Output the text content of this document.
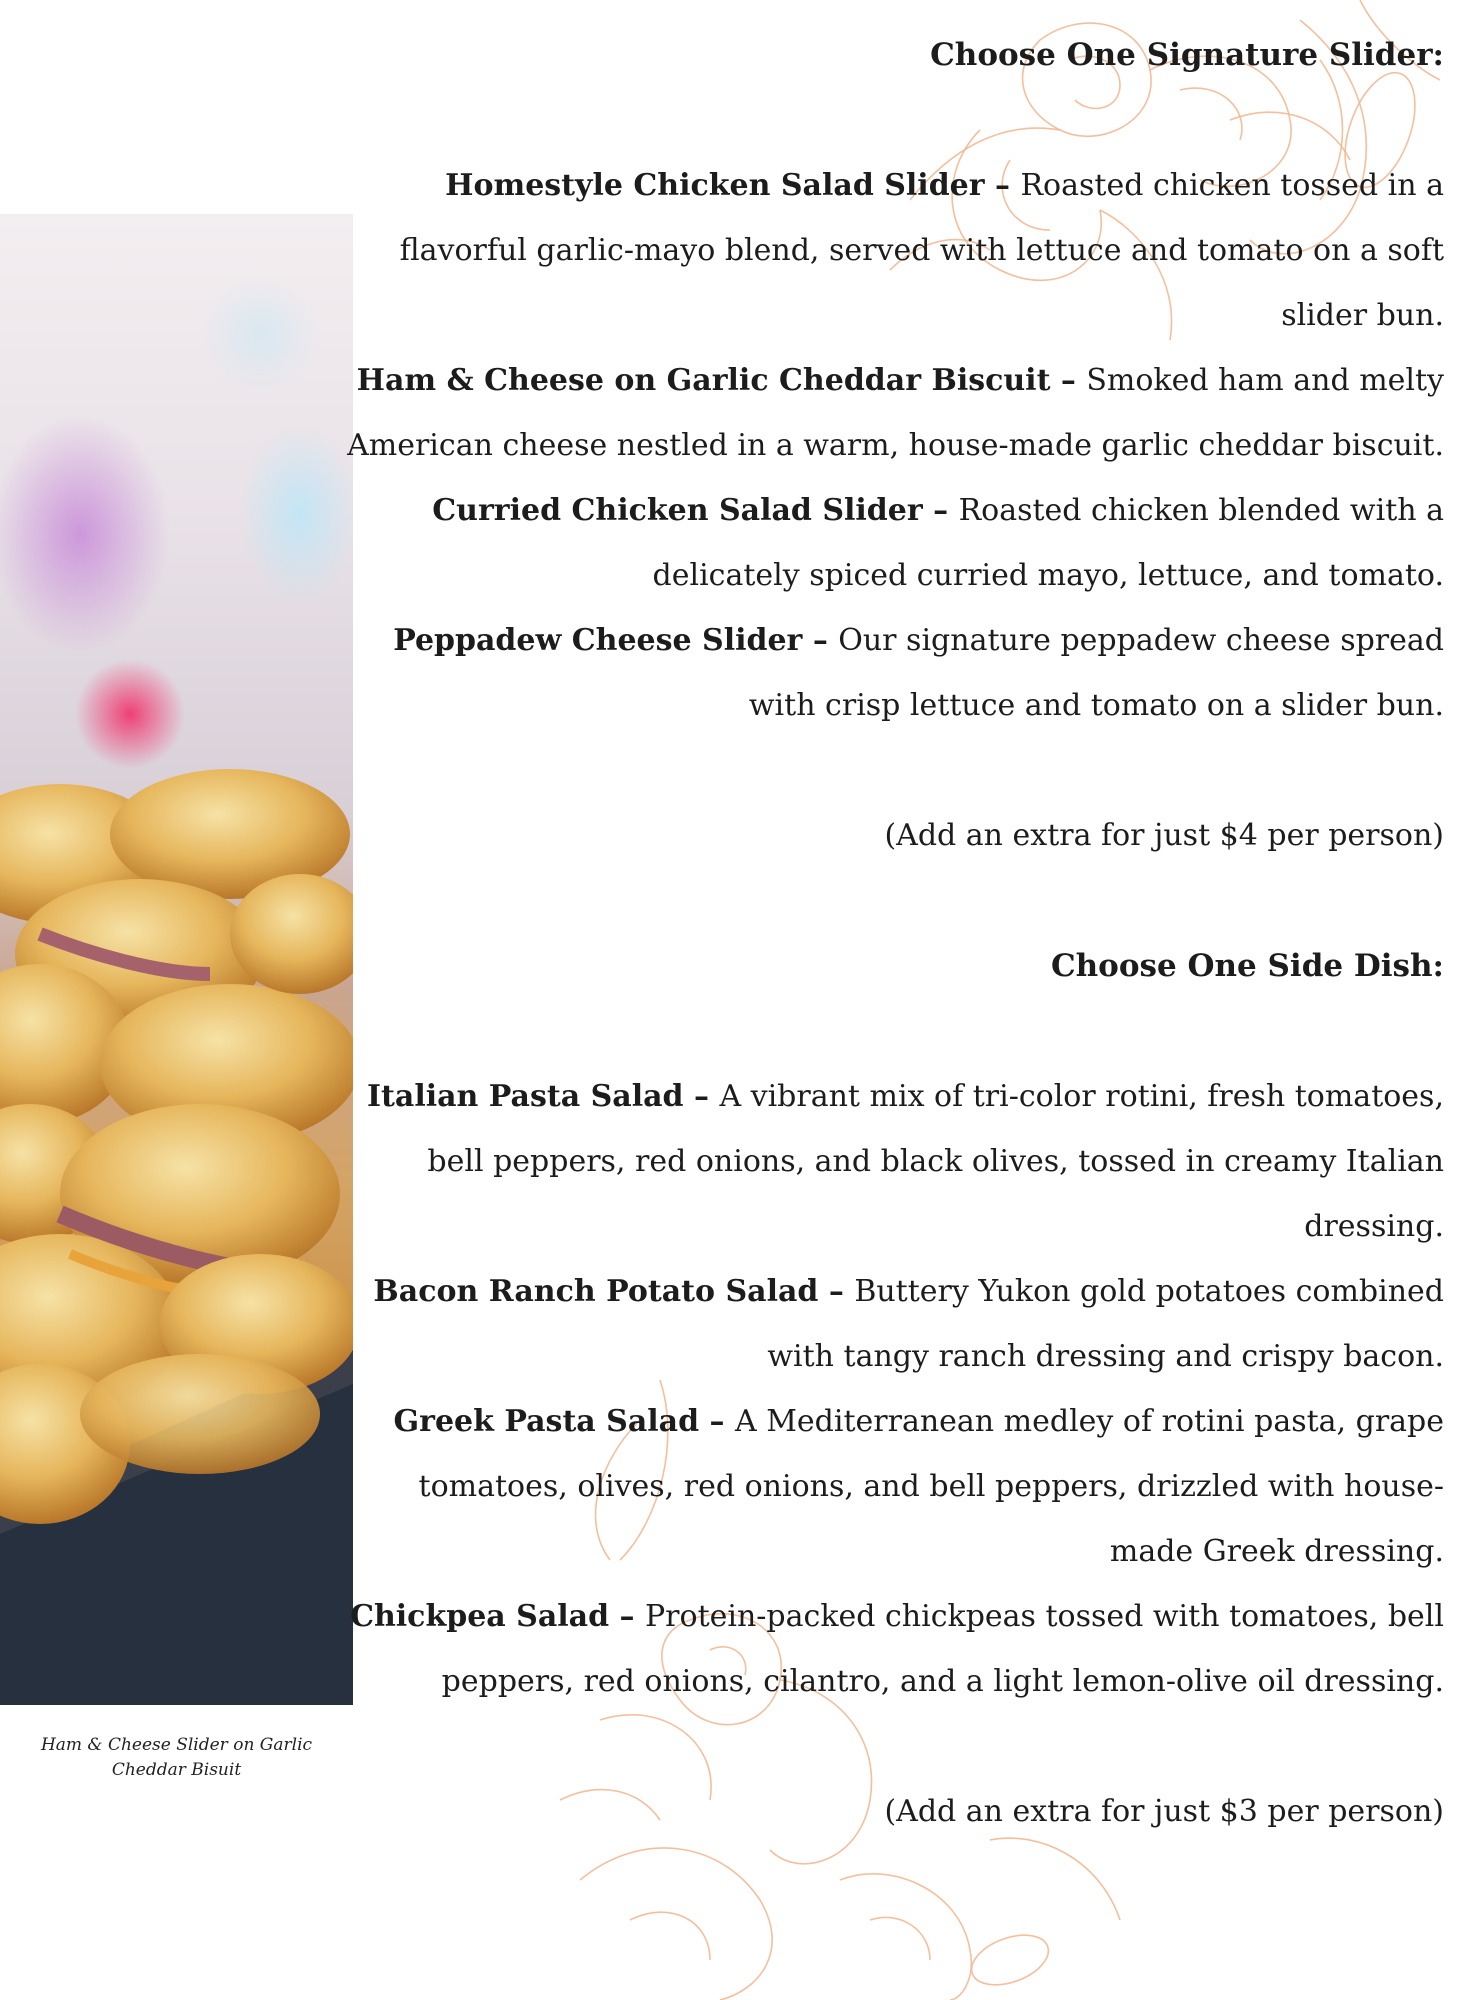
Ham & Cheese Slider on Garlic Cheddar Bisuit

Choose One Signature Slider:

Homestyle Chicken Salad Slider – Roasted chicken tossed in a flavorful garlic-mayo blend, served with lettuce and tomato on a soft slider bun.

Ham & Cheese on Garlic Cheddar Biscuit – Smoked ham and melty American cheese nestled in a warm, house-made garlic cheddar biscuit.

Curried Chicken Salad Slider – Roasted chicken blended with a delicately spiced curried mayo, lettuce, and tomato.

Peppadew Cheese Slider – Our signature peppadew cheese spread with crisp lettuce and tomato on a slider bun.

(Add an extra for just $4 per person)

Choose One Side Dish:

Italian Pasta Salad – A vibrant mix of tri-color rotini, fresh tomatoes, bell peppers, red onions, and black olives, tossed in creamy Italian dressing.

Bacon Ranch Potato Salad – Buttery Yukon gold potatoes combined with tangy ranch dressing and crispy bacon.

Greek Pasta Salad – A Mediterranean medley of rotini pasta, grape tomatoes, olives, red onions, and bell peppers, drizzled with house-made Greek dressing.

Chickpea Salad – Protein-packed chickpeas tossed with tomatoes, bell peppers, red onions, cilantro, and a light lemon-olive oil dressing.

(Add an extra for just $3 per person)
